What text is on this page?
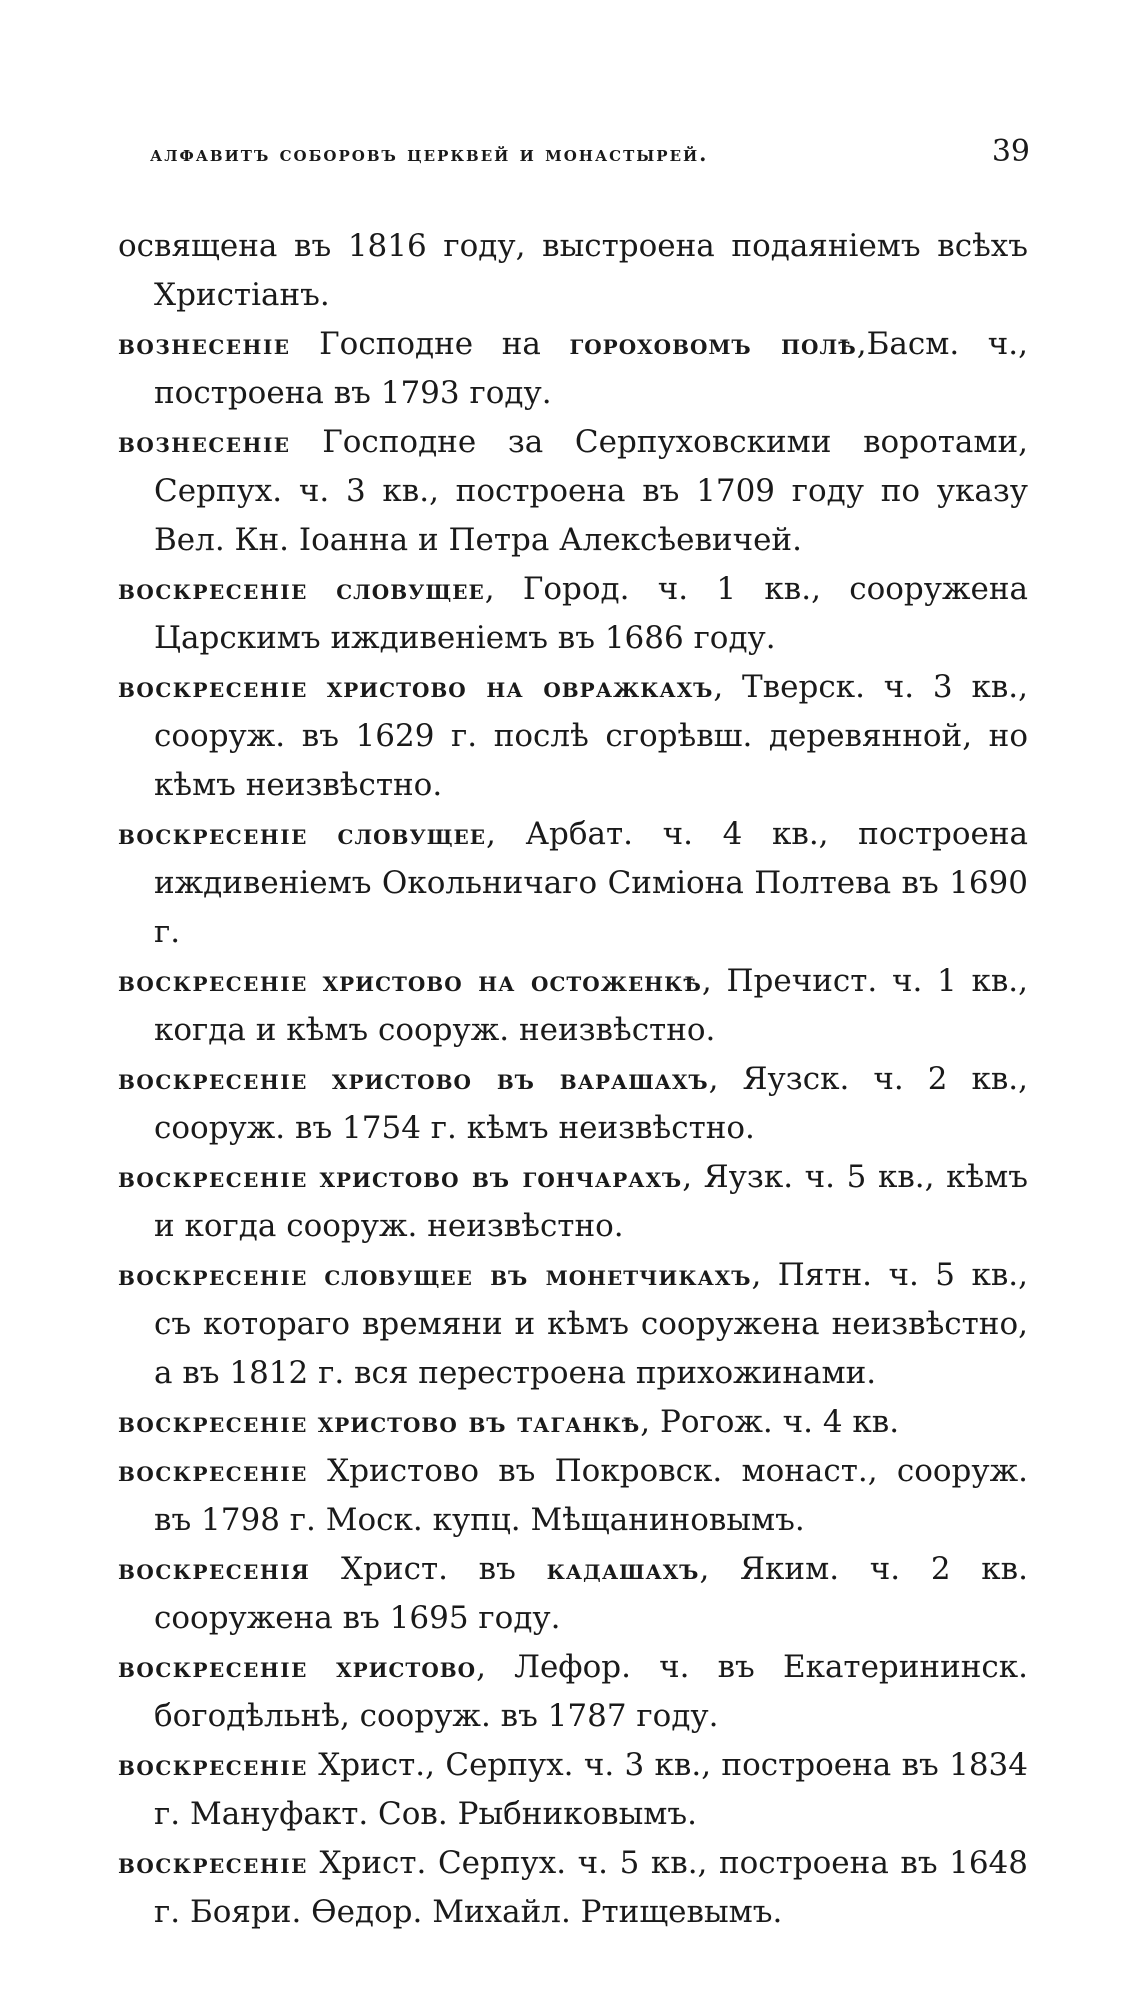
алфавитъ соборовъ церквей и монастырей.	39

освящена въ 1816 году, выстроена подаяніемъ всѣхъ Христіанъ.

вознесеніе Господне на гороховомъ полѣ,Басм. ч., построена въ 1793 году.

вознесеніе Господне за Серпуховскими воротами, Серпух. ч. 3 кв., построена въ 1709 году по указу Вел. Кн. Іоанна и Петра Алексѣевичей.

воскресеніе словущее, Город. ч. 1 кв., сооружена Царскимъ иждивеніемъ въ 1686 году.

воскресеніе христово на овражкахъ, Тверск. ч. 3 кв., сооруж. въ 1629 г. послѣ сгорѣвш. деревянной, но кѣмъ неизвѣстно.

воскресеніе словущее, Арбат. ч. 4 кв., построена иждивеніемъ Окольничаго Симіона Полтева въ 1690 г.

воскресеніе христово на остоженкѣ, Пречист. ч. 1 кв., когда и кѣмъ сооруж. неизвѣстно.

воскресеніе христово въ варашахъ, Яузск. ч. 2 кв., сооруж. въ 1754 г. кѣмъ неизвѣстно.

воскресеніе христово въ гончарахъ, Яузк. ч. 5 кв., кѣмъ и когда сооруж. неизвѣстно.

воскресеніе словущее въ монетчикахъ, Пятн. ч. 5 кв., съ котораго времяни и кѣмъ сооружена неизвѣстно, а въ 1812 г. вся перестроена прихожинами.

воскресеніе христово въ таганкѣ, Рогож. ч. 4 кв.

воскресеніе Христово въ Покровск. монаст., сооруж. въ 1798 г. Моск. купц. Мѣщаниновымъ.

воскресенія Христ. въ кадашахъ, Яким. ч. 2 кв. сооружена въ 1695 году.

воскресеніе христово, Лефор. ч. въ Екатерининск. богодѣльнѣ, сооруж. въ 1787 году.

воскресеніе Христ., Серпух. ч. 3 кв., построена въ 1834 г. Мануфакт. Сов. Рыбниковымъ.

воскресеніе Христ. Серпух. ч. 5 кв., построена въ 1648 г. Бояри. Ѳедор. Михайл. Ртищевымъ.
